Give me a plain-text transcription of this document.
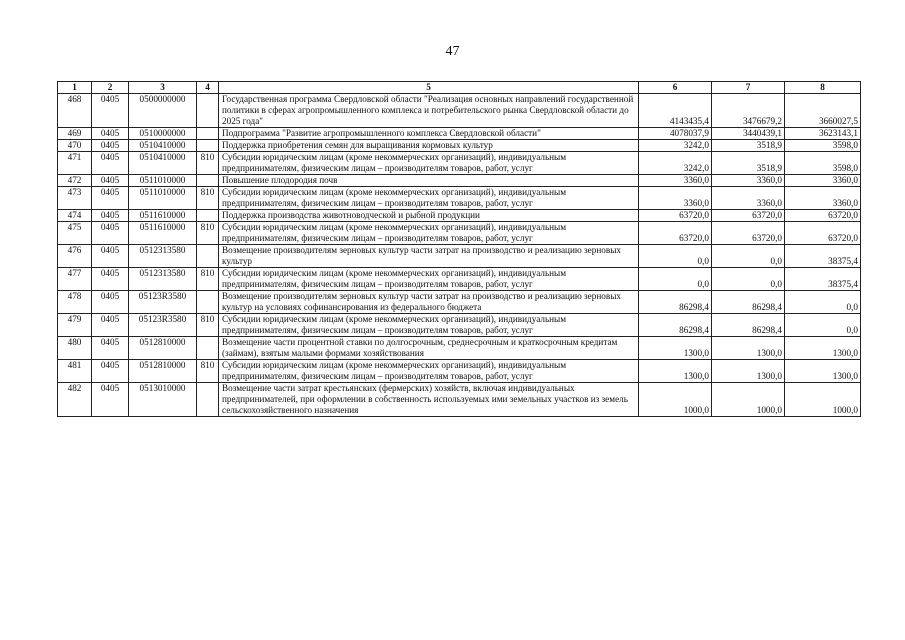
47
1	2	3	4	5	6	7	8
468	0405	0500000000		Государственная программа Свердловской области "Реализация основных направлений государственной политики в сферах агропромышленного комплекса и потребительского рынка Свердловской области до 2025 года"	4143435,4	3476679,2	3660027,5
469	0405	0510000000		Подпрограмма "Развитие агропромышленного комплекса Свердловской области"	4078037,9	3440439,1	3623143,1
470	0405	0510410000		Поддержка приобретения семян для выращивания кормовых культур	3242,0	3518,9	3598,0
471	0405	0510410000	810	Субсидии юридическим лицам (кроме некоммерческих организаций), индивидуальным предпринимателям, физическим лицам – производителям товаров, работ, услуг	3242,0	3518,9	3598,0
472	0405	0511010000		Повышение плодородия почв	3360,0	3360,0	3360,0
473	0405	0511010000	810	Субсидии юридическим лицам (кроме некоммерческих организаций), индивидуальным предпринимателям, физическим лицам – производителям товаров, работ, услуг	3360,0	3360,0	3360,0
474	0405	0511610000		Поддержка производства животноводческой и рыбной продукции	63720,0	63720,0	63720,0
475	0405	0511610000	810	Субсидии юридическим лицам (кроме некоммерческих организаций), индивидуальным предпринимателям, физическим лицам – производителям товаров, работ, услуг	63720,0	63720,0	63720,0
476	0405	0512313580		Возмещение производителям зерновых культур части затрат на производство и реализацию зерновых культур	0,0	0,0	38375,4
477	0405	0512313580	810	Субсидии юридическим лицам (кроме некоммерческих организаций), индивидуальным предпринимателям, физическим лицам – производителям товаров, работ, услуг	0,0	0,0	38375,4
478	0405	05123R3580		Возмещение производителям зерновых культур части затрат на производство и реализацию зерновых культур на условиях софинансирования из федерального бюджета	86298,4	86298,4	0,0
479	0405	05123R3580	810	Субсидии юридическим лицам (кроме некоммерческих организаций), индивидуальным предпринимателям, физическим лицам – производителям товаров, работ, услуг	86298,4	86298,4	0,0
480	0405	0512810000		Возмещение части процентной ставки по долгосрочным, среднесрочным и краткосрочным кредитам (займам), взятым малыми формами хозяйствования	1300,0	1300,0	1300,0
481	0405	0512810000	810	Субсидии юридическим лицам (кроме некоммерческих организаций), индивидуальным предпринимателям, физическим лицам – производителям товаров, работ, услуг	1300,0	1300,0	1300,0
482	0405	0513010000		Возмещение части затрат крестьянских (фермерских) хозяйств, включая индивидуальных предпринимателей, при оформлении в собственность используемых ими земельных участков из земель сельскохозяйственного назначения	1000,0	1000,0	1000,0
